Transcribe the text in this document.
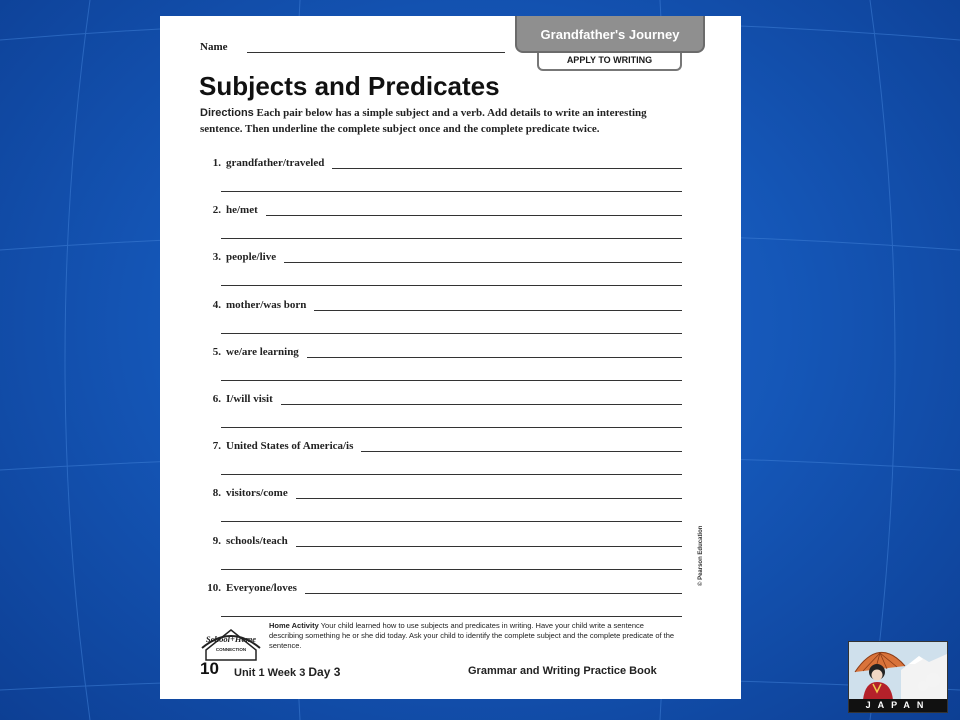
Name
Grandfather's Journey
APPLY TO WRITING
Subjects and Predicates
Directions Each pair below has a simple subject and a verb. Add details to write an interesting sentence. Then underline the complete subject once and the complete predicate twice.
1. grandfather/traveled
2. he/met
3. people/live
4. mother/was born
5. we/are learning
6. I/will visit
7. United States of America/is
8. visitors/come
9. schools/teach
10. Everyone/loves
© Pearson Education
School+Home
CONNECTION
Home Activity Your child learned how to use subjects and predicates in writing. Have your child write a sentence describing something he or she did today. Ask your child to identify the complete subject and the complete predicate of the sentence.
10 Unit 1 Week 3 Day 3	Grammar and Writing Practice Book
JAPAN
